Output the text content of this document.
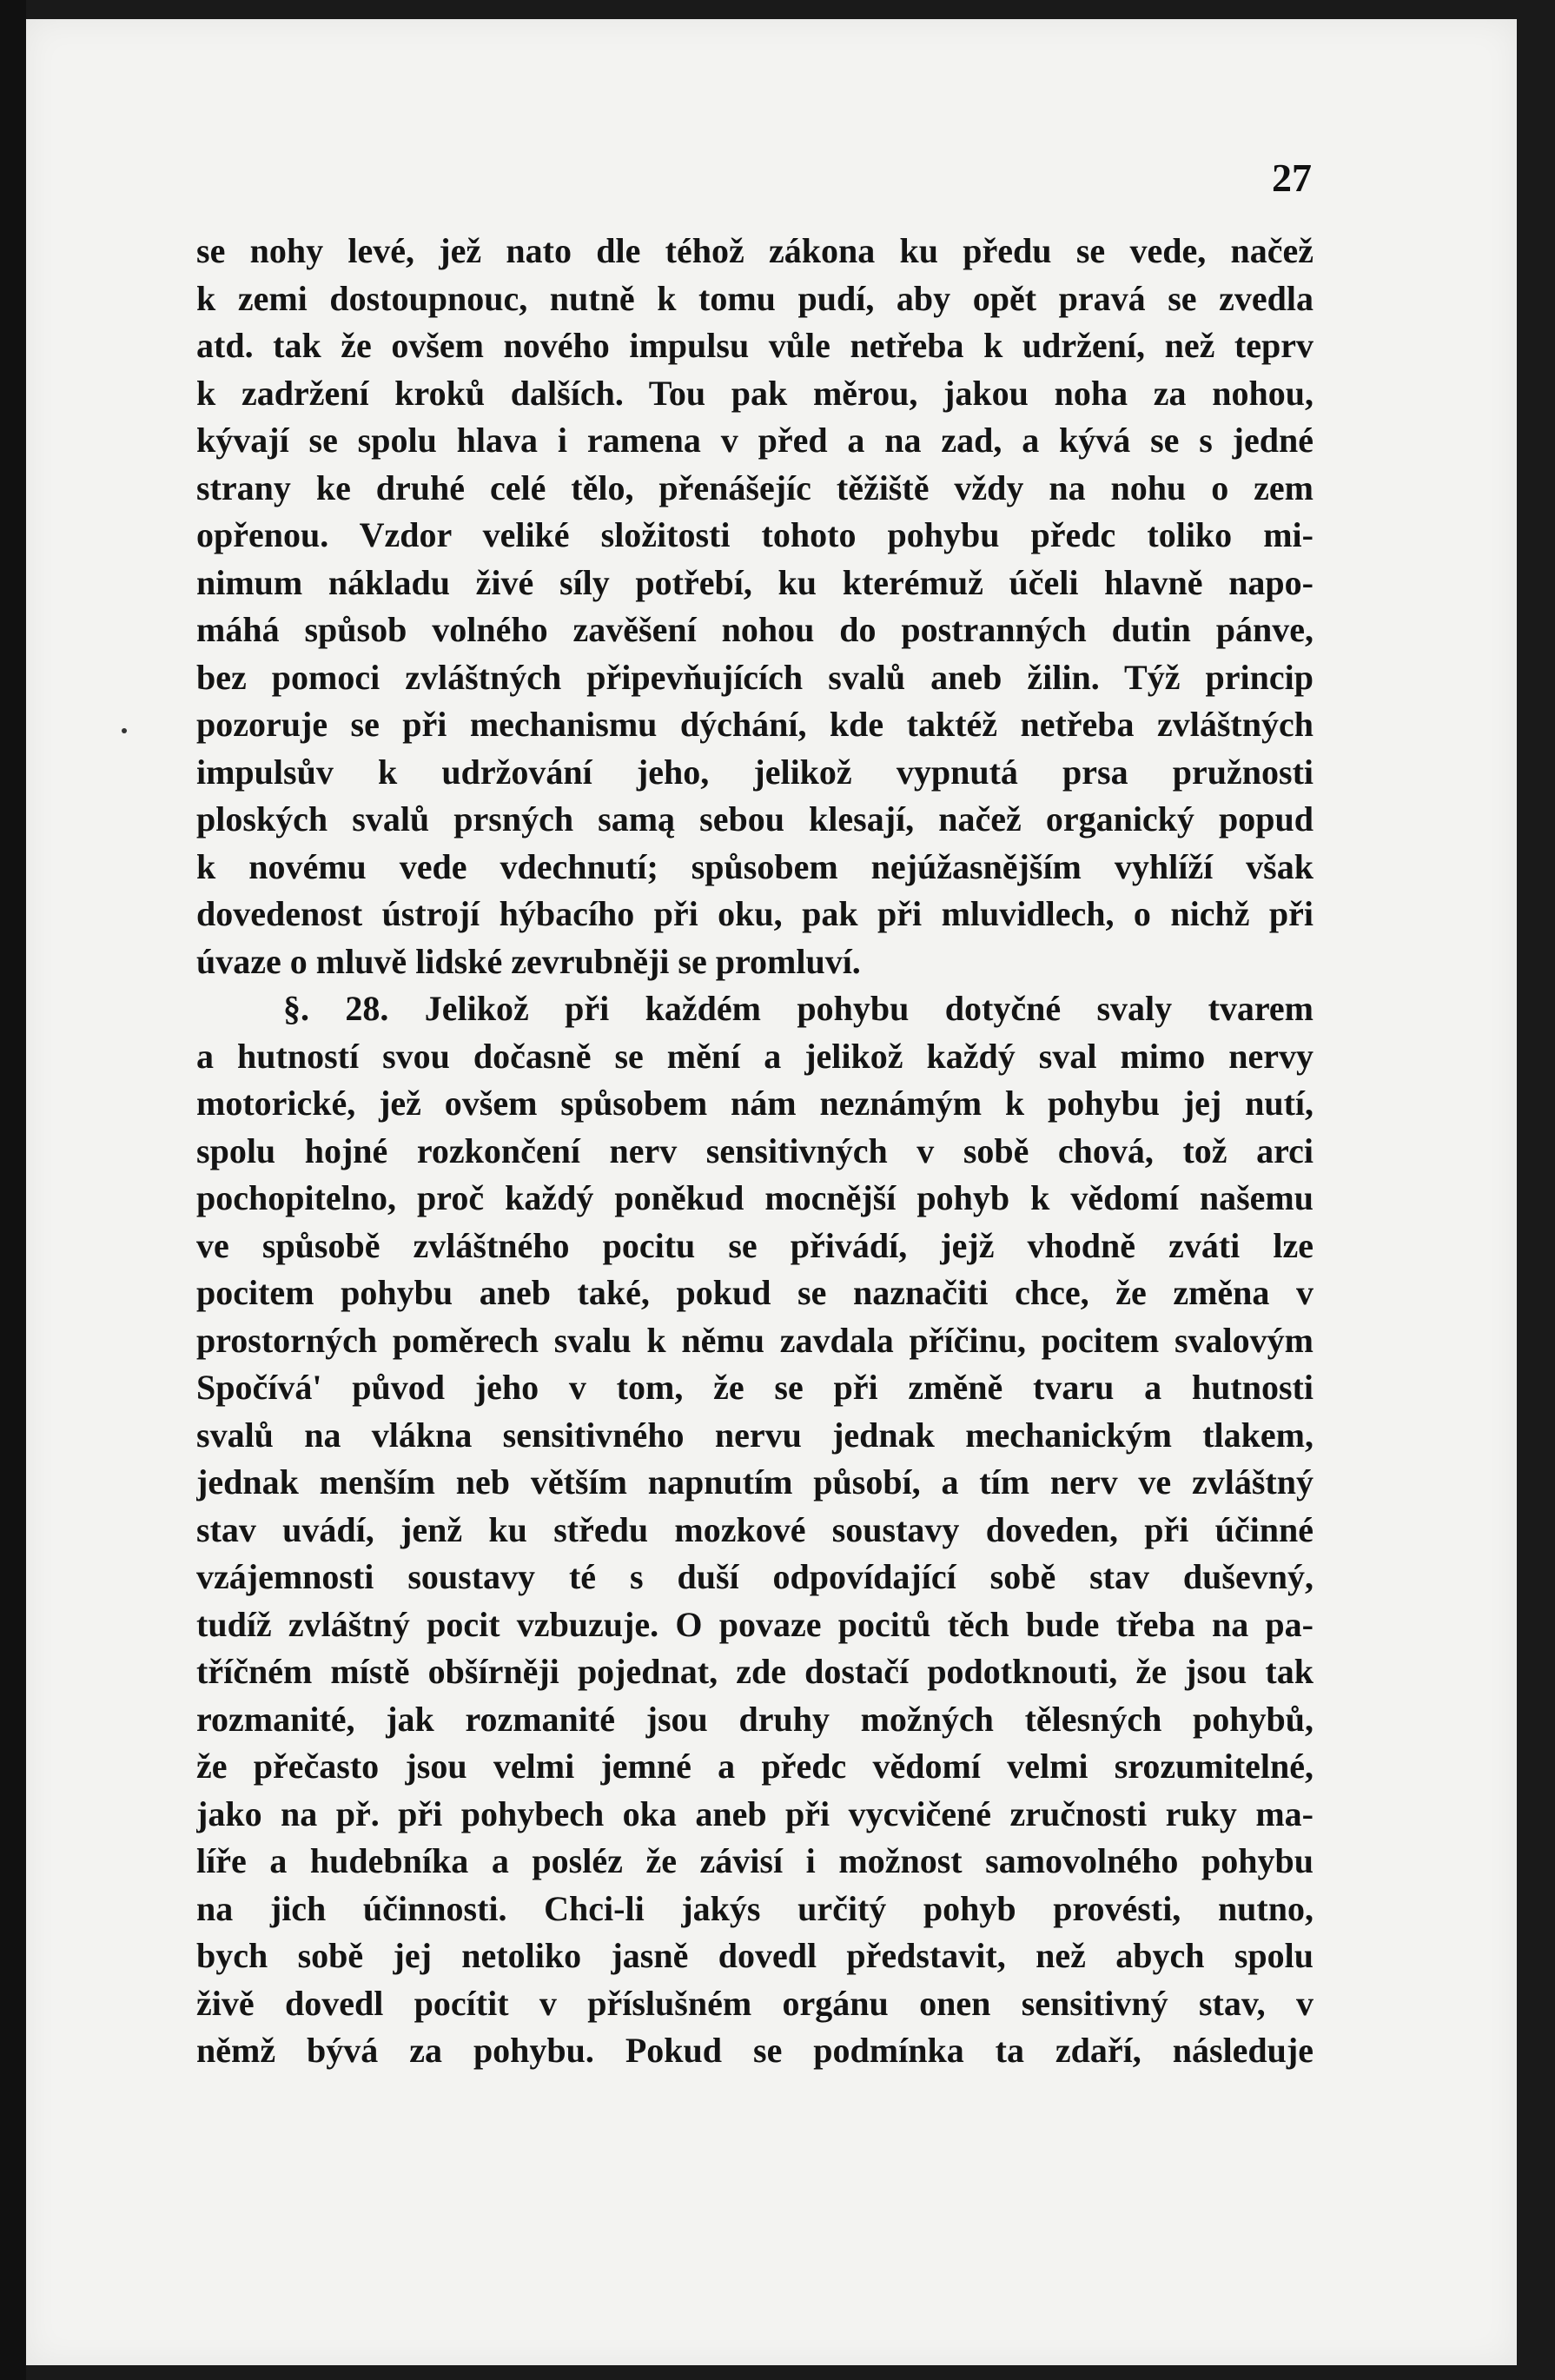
27
se nohy levé, jež nato dle téhož zákona ku předu se vede, načež
k zemi dostoupnouc, nutně k tomu pudí, aby opět pravá se zvedla
atd. tak že ovšem nového impulsu vůle netřeba k udržení, než teprv
k zadržení kroků dalších. Tou pak měrou, jakou noha za nohou,
kývají se spolu hlava i ramena v před a na zad, a kývá se s jedné
strany ke druhé celé tělo, přenášejíc těžiště vždy na nohu o zem
opřenou. Vzdor veliké složitosti tohoto pohybu předc toliko mi-
nimum nákladu živé síly potřebí, ku kterémuž účeli hlavně napo-
máhá spůsob volného zavěšení nohou do postranných dutin pánve,
bez pomoci zvláštných připevňujících svalů aneb žilin. Týž princip
pozoruje se při mechanismu dýchání, kde taktéž netřeba zvláštných
impulsův k udržování jeho, jelikož vypnutá prsa pružnosti
ploských svalů prsných samą sebou klesají, načež organický popud
k novému vede vdechnutí; spůsobem nejúžasnějším vyhlíží však
dovedenost ústrojí hýbacího při oku, pak při mluvidlech, o nichž při
úvaze o mluvě lidské zevrubněji se promluví.
§. 28. Jelikož při každém pohybu dotyčné svaly tvarem
a hutností svou dočasně se mění a jelikož každý sval mimo nervy
motorické, jež ovšem spůsobem nám neznámým k pohybu jej nutí,
spolu hojné rozkončení nerv sensitivných v sobě chová, tož arci
pochopitelno, proč každý poněkud mocnější pohyb k vědomí našemu
ve spůsobě zvláštného pocitu se přivádí, jejž vhodně zváti lze
pocitem pohybu aneb také, pokud se naznačiti chce, že změna v
prostorných poměrech svalu k němu zavdala příčinu, pocitem svalovým
Spočívá' původ jeho v tom, že se při změně tvaru a hutnosti
svalů na vlákna sensitivného nervu jednak mechanickým tlakem,
jednak menším neb větším napnutím působí, a tím nerv ve zvláštný
stav uvádí, jenž ku středu mozkové soustavy doveden, při účinné
vzájemnosti soustavy té s duší odpovídající sobě stav duševný,
tudíž zvláštný pocit vzbuzuje. O povaze pocitů těch bude třeba na pa-
tříčném místě obšírněji pojednat, zde dostačí podotknouti, že jsou tak
rozmanité, jak rozmanité jsou druhy možných tělesných pohybů,
že přečasto jsou velmi jemné a předc vědomí velmi srozumitelné,
jako na př. při pohybech oka aneb při vycvičené zručnosti ruky ma-
líře a hudebníka a posléz že závisí i možnost samovolného pohybu
na jich účinnosti. Chci-li jakýs určitý pohyb provésti, nutno,
bych sobě jej netoliko jasně dovedl představit, než abych spolu
živě dovedl pocítit v příslušném orgánu onen sensitivný stav, v
němž bývá za pohybu. Pokud se podmínka ta zdaří, následuje
